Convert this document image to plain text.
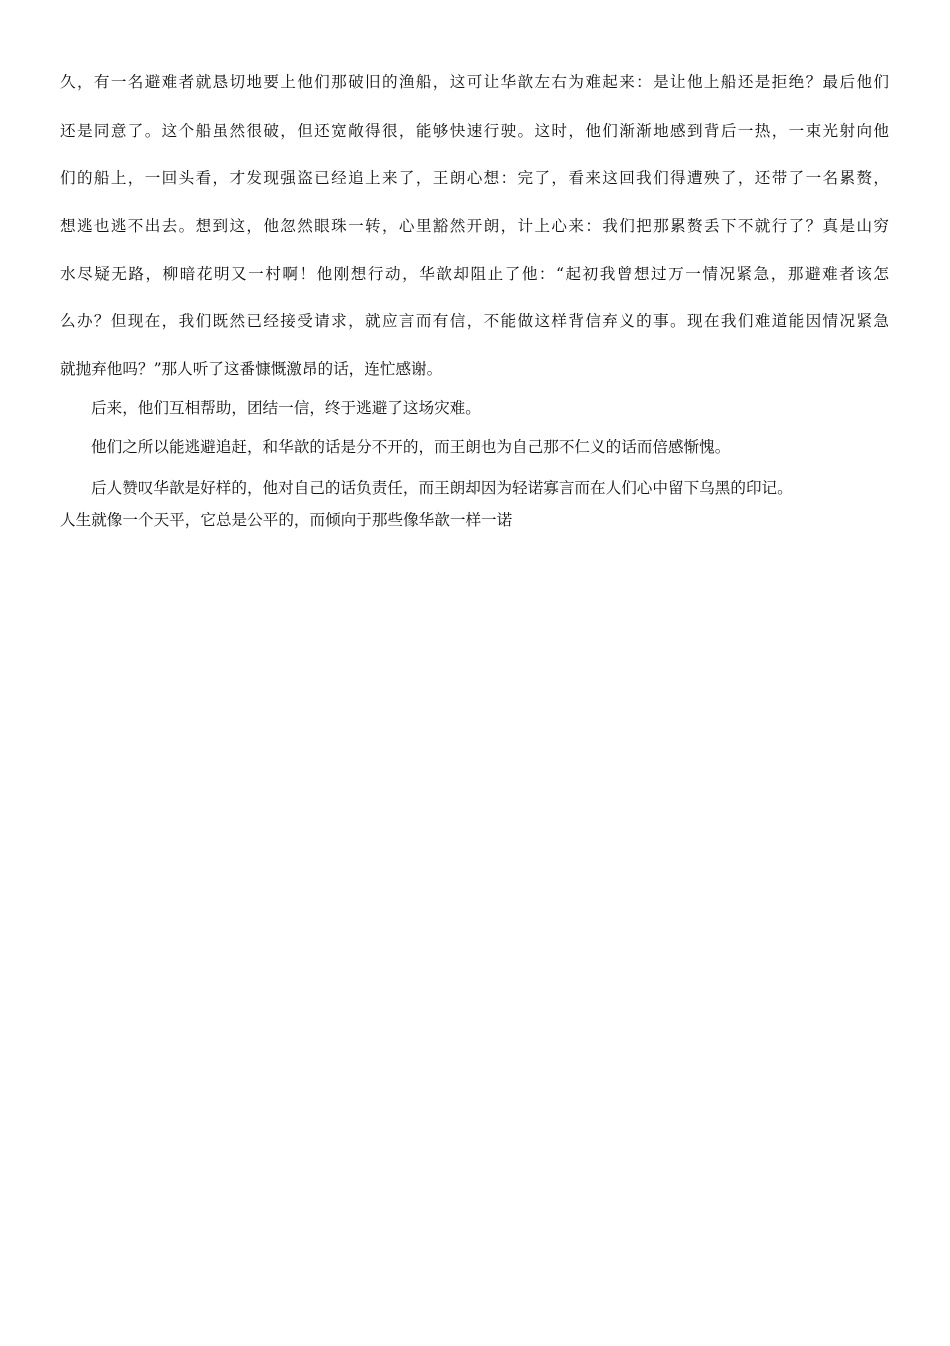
久，有一名避难者就恳切地要上他们那破旧的渔船，这可让华歆左右为难起来：是让他上船还是拒绝？最后他们
还是同意了。这个船虽然很破，但还宽敞得很，能够快速行驶。这时，他们渐渐地感到背后一热，一束光射向他
们的船上，一回头看，才发现强盗已经追上来了，王朗心想：完了，看来这回我们得遭殃了，还带了一名累赘，
想逃也逃不出去。想到这，他忽然眼珠一转，心里豁然开朗，计上心来：我们把那累赘丢下不就行了？真是山穷
水尽疑无路，柳暗花明又一村啊！他刚想行动，华歆却阻止了他：“起初我曾想过万一情况紧急，那避难者该怎
么办？但现在，我们既然已经接受请求，就应言而有信，不能做这样背信弃义的事。现在我们难道能因情况紧急
就抛弃他吗？”那人听了这番慷慨激昂的话，连忙感谢。
后来，他们互相帮助，团结一信，终于逃避了这场灾难。
他们之所以能逃避追赶，和华歆的话是分不开的，而王朗也为自己那不仁义的话而倍感惭愧。
后人赞叹华歆是好样的，他对自己的话负责任，而王朗却因为轻诺寡言而在人们心中留下乌黑的印记。
人生就像一个天平，它总是公平的，而倾向于那些像华歆一样一诺
